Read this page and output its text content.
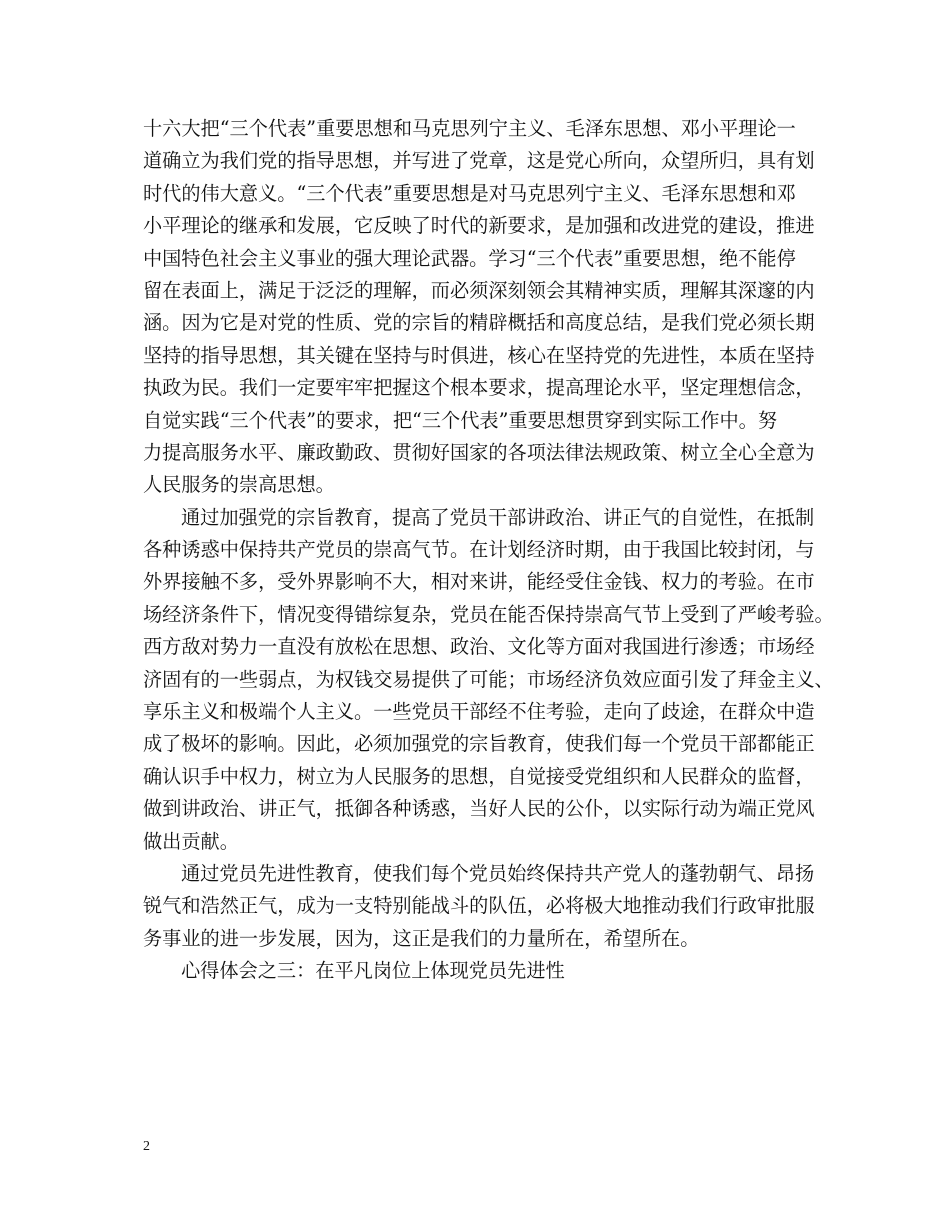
十六大把“三个代表”重要思想和马克思列宁主义、毛泽东思想、邓小平理论一
道确立为我们党的指导思想，并写进了党章，这是党心所向，众望所归，具有划
时代的伟大意义。“三个代表”重要思想是对马克思列宁主义、毛泽东思想和邓
小平理论的继承和发展，它反映了时代的新要求，是加强和改进党的建设，推进
中国特色社会主义事业的强大理论武器。学习“三个代表”重要思想，绝不能停
留在表面上，满足于泛泛的理解，而必须深刻领会其精神实质，理解其深邃的内
涵。因为它是对党的性质、党的宗旨的精辟概括和高度总结，是我们党必须长期
坚持的指导思想，其关键在坚持与时俱进，核心在坚持党的先进性，本质在坚持
执政为民。我们一定要牢牢把握这个根本要求，提高理论水平，坚定理想信念，
自觉实践“三个代表”的要求，把“三个代表”重要思想贯穿到实际工作中。努
力提高服务水平、廉政勤政、贯彻好国家的各项法律法规政策、树立全心全意为
人民服务的崇高思想。
通过加强党的宗旨教育，提高了党员干部讲政治、讲正气的自觉性，在抵制
各种诱惑中保持共产党员的崇高气节。在计划经济时期，由于我国比较封闭，与
外界接触不多，受外界影响不大，相对来讲，能经受住金钱、权力的考验。在市
场经济条件下，情况变得错综复杂，党员在能否保持崇高气节上受到了严峻考验。
西方敌对势力一直没有放松在思想、政治、文化等方面对我国进行渗透；市场经
济固有的一些弱点，为权钱交易提供了可能；市场经济负效应面引发了拜金主义、
享乐主义和极端个人主义。一些党员干部经不住考验，走向了歧途，在群众中造
成了极坏的影响。因此，必须加强党的宗旨教育，使我们每一个党员干部都能正
确认识手中权力，树立为人民服务的思想，自觉接受党组织和人民群众的监督，
做到讲政治、讲正气，抵御各种诱惑，当好人民的公仆，以实际行动为端正党风
做出贡献。
通过党员先进性教育，使我们每个党员始终保持共产党人的蓬勃朝气、昂扬
锐气和浩然正气，成为一支特别能战斗的队伍，必将极大地推动我们行政审批服
务事业的进一步发展，因为，这正是我们的力量所在，希望所在。
心得体会之三：在平凡岗位上体现党员先进性
2
